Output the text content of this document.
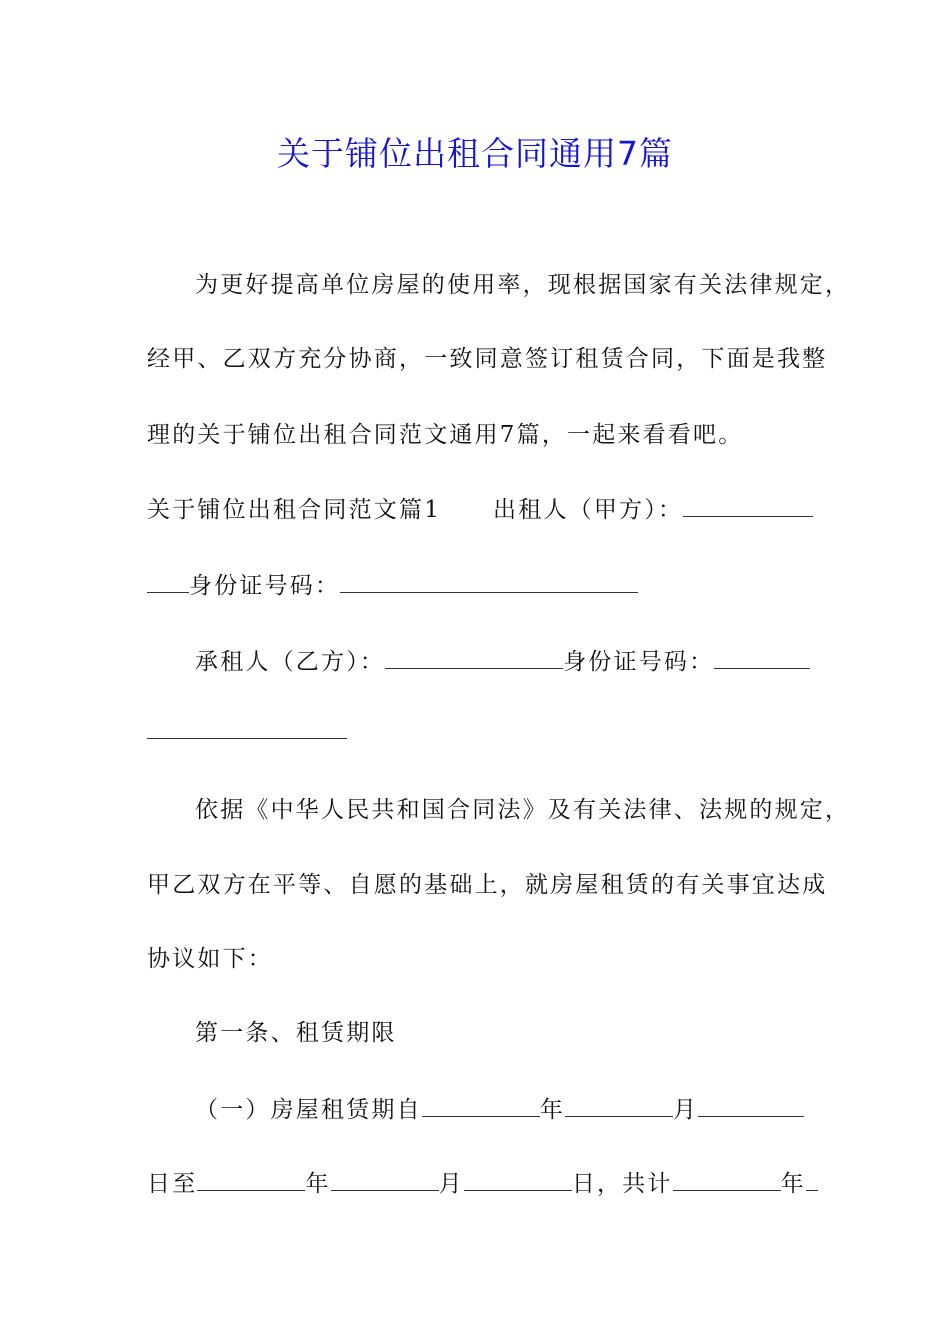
关于铺位出租合同通用7篇
为更好提高单位房屋的使用率，现根据国家有关法律规定，
经甲、乙双方充分协商，一致同意签订租赁合同，下面是我整
理的关于铺位出租合同范文通用7篇，一起来看看吧。
关于铺位出租合同范文篇1 出租人（甲方）：
身份证号码：
承租人（乙方）：	身份证号码：
依据《中华人民共和国合同法》及有关法律、法规的规定，
甲乙双方在平等、自愿的基础上，就房屋租赁的有关事宜达成
协议如下：
第一条、租赁期限
（一）房屋租赁期自	年	月
日至	年	月	日，共计	年
